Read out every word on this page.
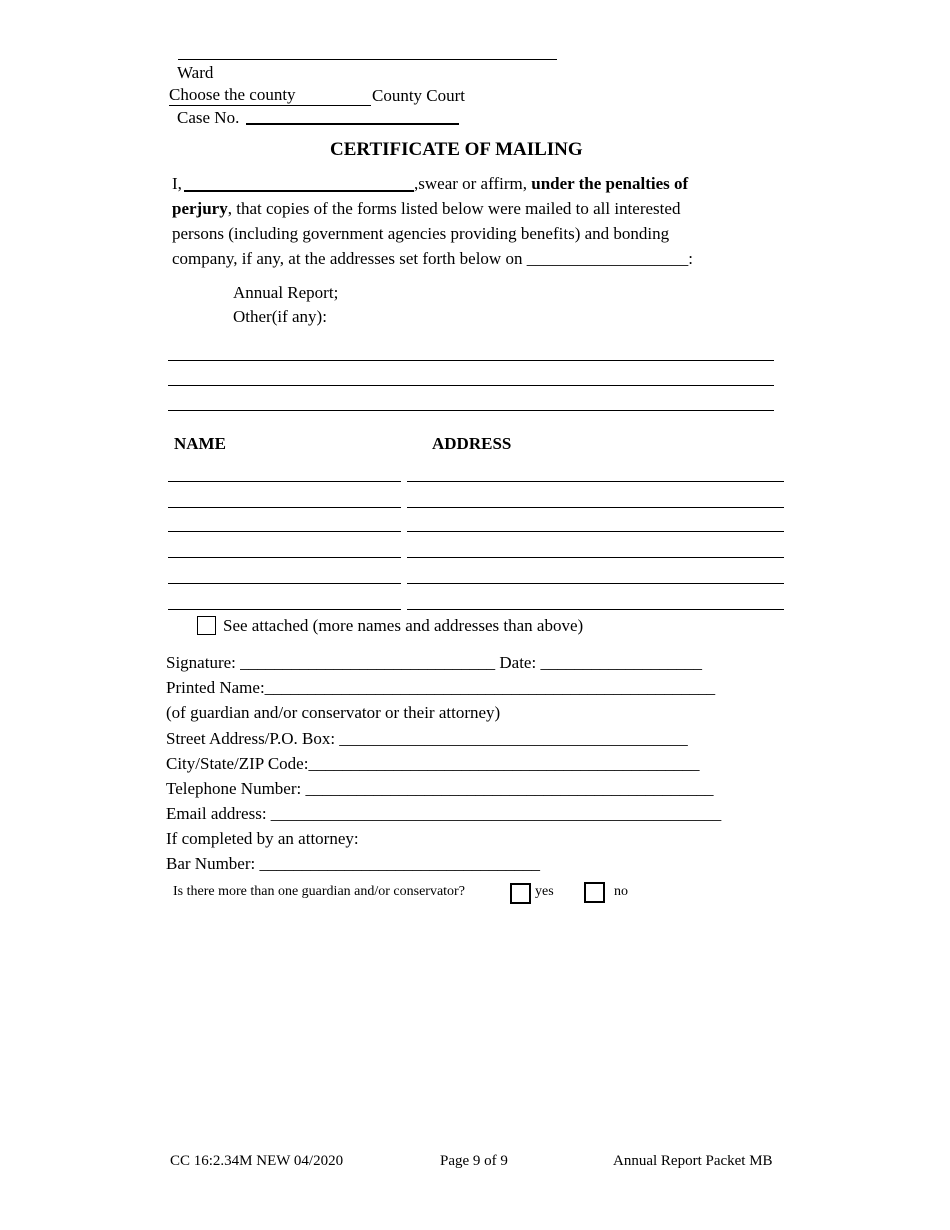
Ward
Choose the county	County Court
Case No.
CERTIFICATE OF MAILING
I,	,swear or affirm, under the penalties of
perjury, that copies of the forms listed below were mailed to all interested
persons (including government agencies providing benefits) and bonding
company, if any, at the addresses set forth below on ___________________:
Annual Report;
Other(if any):
NAME	ADDRESS
See attached (more names and addresses than above)
Signature: ______________________________ Date: ___________________
Printed Name:_____________________________________________________
(of guardian and/or conservator or their attorney)
Street Address/P.O. Box: _________________________________________
City/State/ZIP Code:______________________________________________
Telephone Number: ________________________________________________
Email address: _____________________________________________________
If completed by an attorney:
Bar Number: _________________________________
Is there more than one guardian and/or conservator?	yes	no
CC 16:2.34M NEW 04/2020	Page 9 of 9	Annual Report Packet MB
